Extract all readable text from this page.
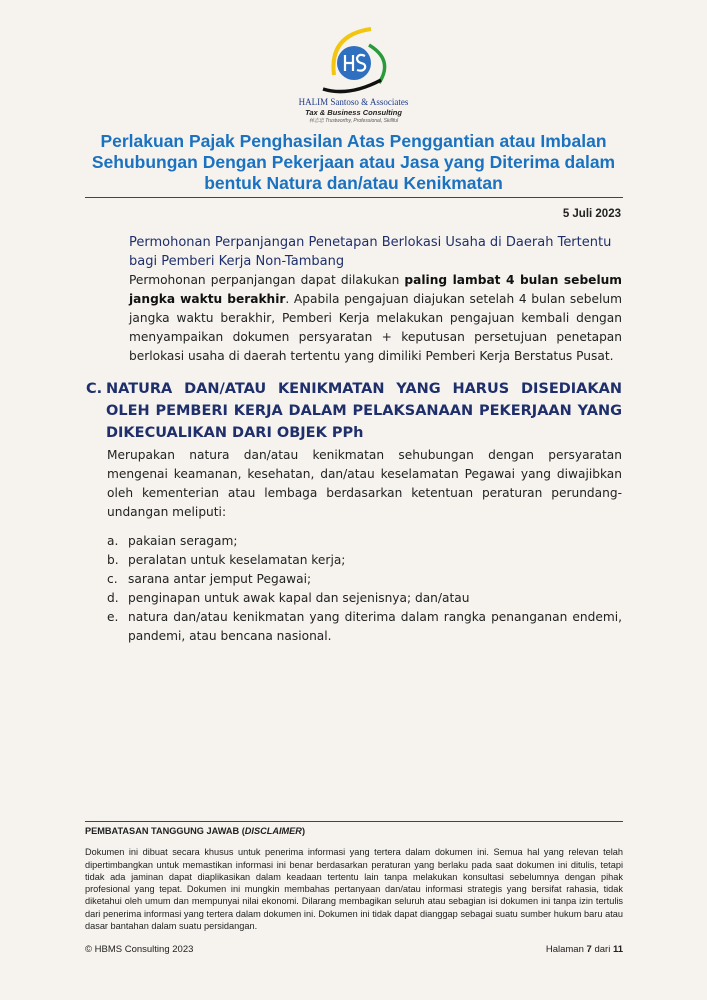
HALIM Santoso & Associates
Tax & Business Consulting
林志忠 Trustworthy, Professional, Skillful
Perlakuan Pajak Penghasilan Atas Penggantian atau Imbalan Sehubungan Dengan Pekerjaan atau Jasa yang Diterima dalam bentuk Natura dan/atau Kenikmatan
5 Juli 2023
Permohonan Perpanjangan Penetapan Berlokasi Usaha di Daerah Tertentu bagi Pemberi Kerja Non-Tambang
Permohonan perpanjangan dapat dilakukan paling lambat 4 bulan sebelum jangka waktu berakhir. Apabila pengajuan diajukan setelah 4 bulan sebelum jangka waktu berakhir, Pemberi Kerja melakukan pengajuan kembali dengan menyampaikan dokumen persyaratan + keputusan persetujuan penetapan berlokasi usaha di daerah tertentu yang dimiliki Pemberi Kerja Berstatus Pusat.
C. NATURA DAN/ATAU KENIKMATAN YANG HARUS DISEDIAKAN OLEH PEMBERI KERJA DALAM PELAKSANAAN PEKERJAAN YANG DIKECUALIKAN DARI OBJEK PPh
Merupakan natura dan/atau kenikmatan sehubungan dengan persyaratan mengenai keamanan, kesehatan, dan/atau keselamatan Pegawai yang diwajibkan oleh kementerian atau lembaga berdasarkan ketentuan peraturan perundang-undangan meliputi:
a. pakaian seragam;
b. peralatan untuk keselamatan kerja;
c. sarana antar jemput Pegawai;
d. penginapan untuk awak kapal dan sejenisnya; dan/atau
e. natura dan/atau kenikmatan yang diterima dalam rangka penanganan endemi, pandemi, atau bencana nasional.
PEMBATASAN TANGGUNG JAWAB (DISCLAIMER)
Dokumen ini dibuat secara khusus untuk penerima informasi yang tertera dalam dokumen ini. Semua hal yang relevan telah dipertimbangkan untuk memastikan informasi ini benar berdasarkan peraturan yang berlaku pada saat dokumen ini ditulis, tetapi tidak ada jaminan dapat diaplikasikan dalam keadaan tertentu lain tanpa melakukan konsultasi sebelumnya dengan pihak profesional yang tepat. Dokumen ini mungkin membahas pertanyaan dan/atau informasi strategis yang bersifat rahasia, tidak diketahui oleh umum dan mempunyai nilai ekonomi. Dilarang membagikan seluruh atau sebagian isi dokumen ini tanpa izin tertulis dari penerima informasi yang tertera dalam dokumen ini. Dokumen ini tidak dapat dianggap sebagai suatu sumber hukum baru atau dasar bantahan dalam suatu persidangan.
© HBMS Consulting 2023	Halaman 7 dari 11
